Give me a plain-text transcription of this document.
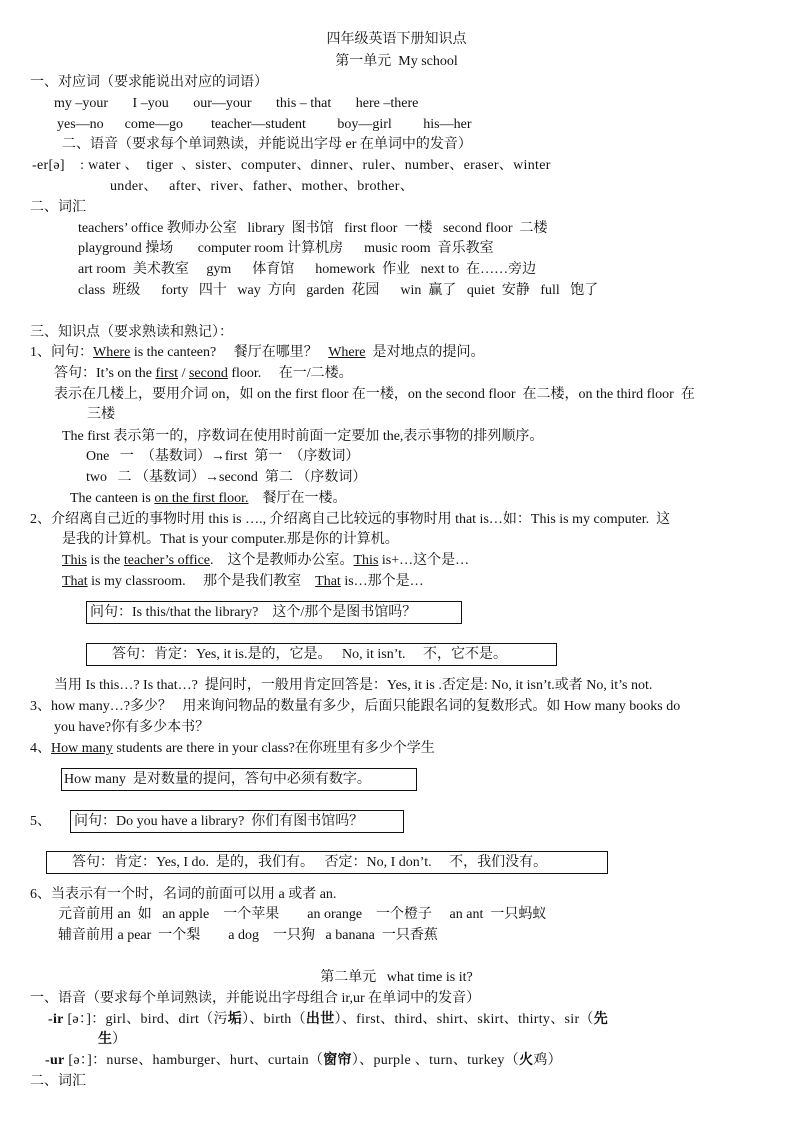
四年级英语下册知识点
第一单元  My school
一、对应词（要求能说出对应的词语）
my –your       I –you       our—your       this – that       here –there
yes—no      come—go        teacher—student         boy—girl         his—her
二、语音（要求每个单词熟读，并能说出字母 er 在单词中的发音）
-er[ə]    : water 、  tiger  、sister、computer、dinner、ruler、number、eraser、winter
under、   after、river、father、mother、brother、
二、词汇
teachers’ office 教师办公室   library  图书馆   first floor  一楼   second floor  二楼
playground 操场       computer room 计算机房      music room  音乐教室
art room  美术教室     gym      体育馆      homework  作业   next to  在……旁边
class  班级      forty   四十   way  方向   garden  花园      win  赢了   quiet  安静   full   饱了
三、知识点（要求熟读和熟记）：
1、问句：Where is the canteen?     餐厅在哪里？   Where  是对地点的提问。
答句：It’s on the first / second floor.     在一/二楼。
表示在几楼上，要用介词 on，如 on the first floor 在一楼，on the second floor  在二楼，on the third floor  在
三楼
The first 表示第一的，序数词在使用时前面一定要加 the,表示事物的排列顺序。
One   一  （基数词）→first  第一  （序数词）
two   二 （基数词）→second  第二 （序数词）
The canteen is on the first floor.    餐厅在一楼。
2、介绍离自己近的事物时用 this is …., 介绍离自己比较远的事物时用 that is…如：This is my computer.  这
是我的计算机。That is your computer.那是你的计算机。
This is the teacher’s office.    这个是教师办公室。This is+…这个是…
That is my classroom.     那个是我们教室    That is…那个是…
问句：Is this/that the library?    这个/那个是图书馆吗？
答句：肯定：Yes, it is.是的，它是。   No, it isn’t.     不，它不是。
当用 Is this…? Is that…?  提问时，一般用肯定回答是：Yes, it is .否定是: No, it isn’t.或者 No, it’s not.
3、how many…?多少？   用来询问物品的数量有多少，后面只能跟名词的复数形式。如 How many books do
you have?你有多少本书？
4、How many students are there in your class?在你班里有多少个学生
How many  是对数量的提问，答句中必须有数字。
5、 问句：Do you have a library?  你们有图书馆吗？
答句：肯定：Yes, I do.  是的，我们有。   否定：No, I don’t.     不，我们没有。
6、当表示有一个时，名词的前面可以用 a 或者 an.
元音前用 an  如   an apple    一个苹果        an orange    一个橙子     an ant  一只蚂蚁
辅音前用 a pear  一个梨        a dog    一只狗   a banana  一只香蕉
第二单元   what time is it?
一、语音（要求每个单词熟读，并能说出字母组合 ir,ur 在单词中的发音）
-ir [ə：]：girl、bird、dirt（污垢）、birth（出世）、first、third、shirt、skirt、thirty、sir（先
生）
-ur [ə：]：nurse、hamburger、hurt、curtain（窗帘）、purple 、turn、turkey（火鸡）
二、词汇
